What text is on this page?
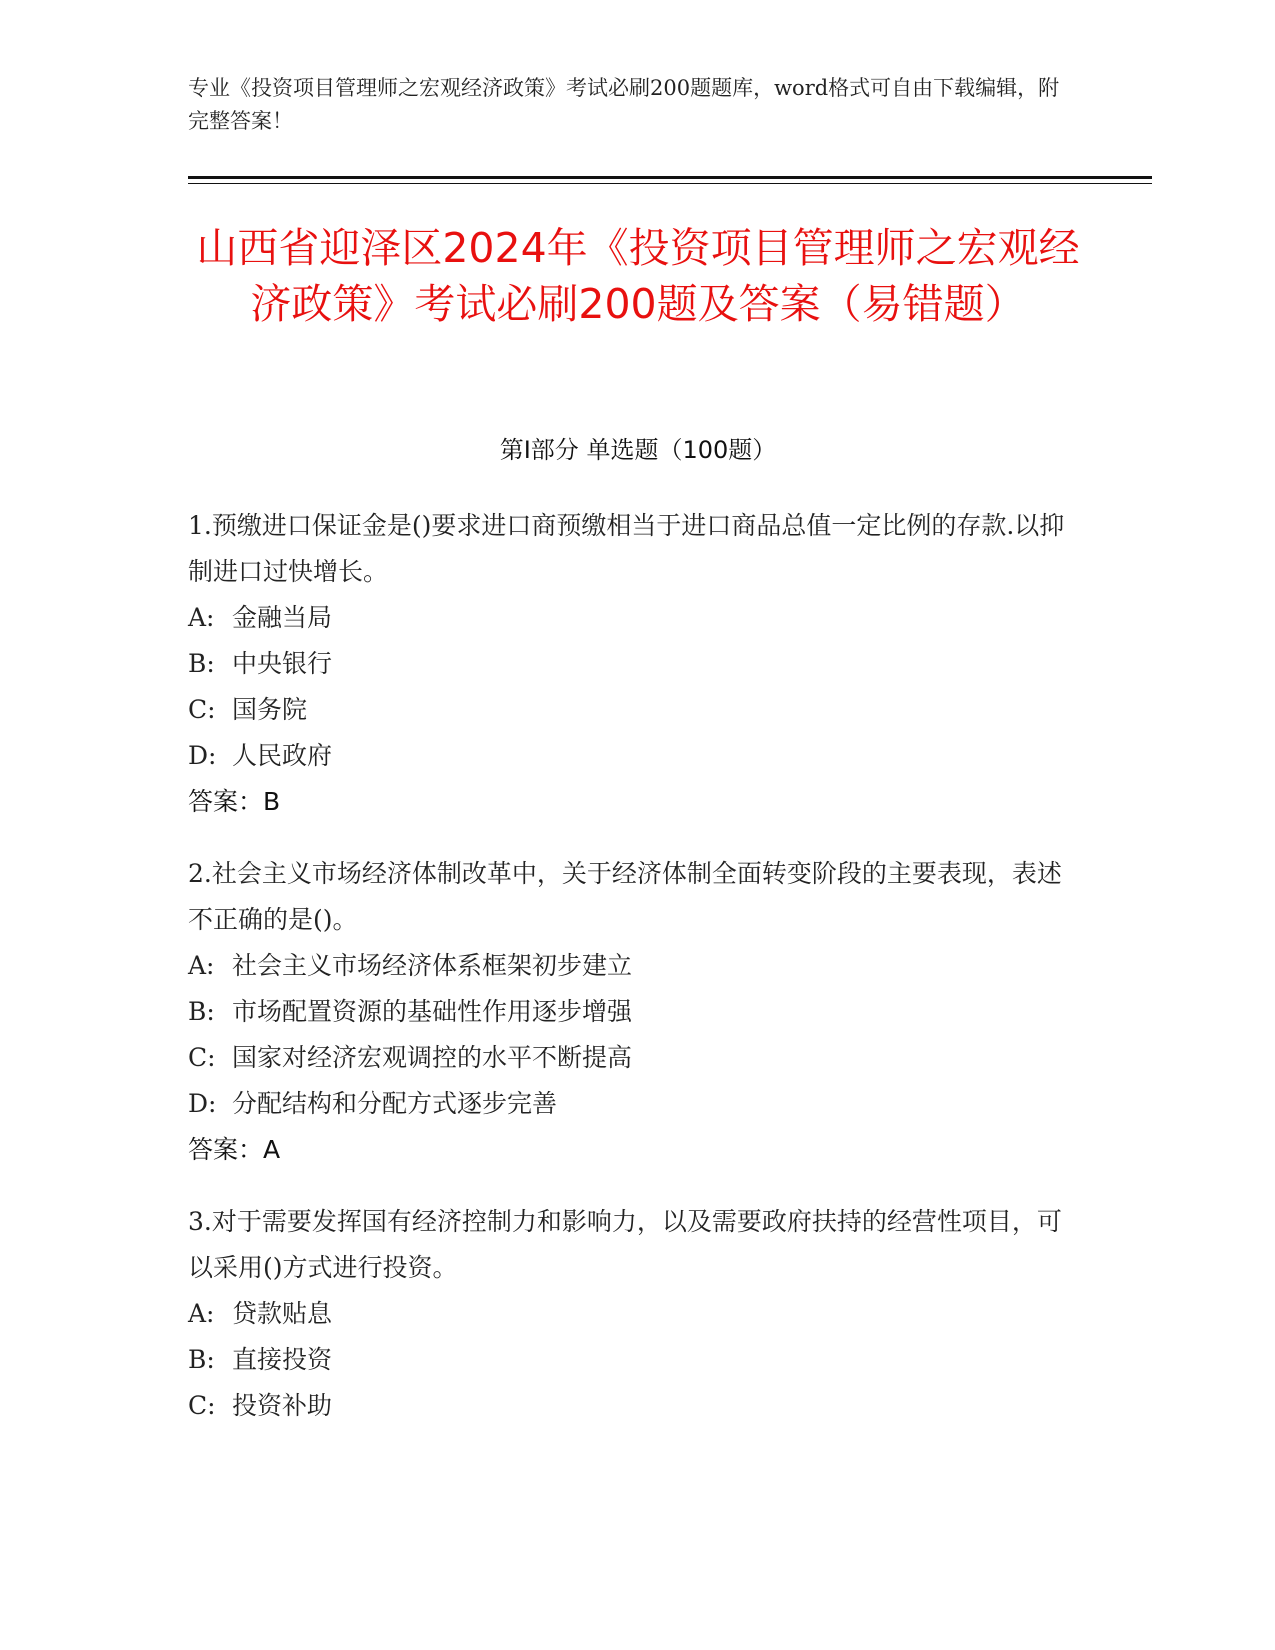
专业《投资项目管理师之宏观经济政策》考试必刷200题题库，word格式可自由下载编辑，附完整答案！
山西省迎泽区2024年《投资项目管理师之宏观经济政策》考试必刷200题及答案（易错题）
第Ⅰ部分 单选题（100题）

1.预缴进口保证金是()要求进口商预缴相当于进口商品总值一定比例的存款.以抑制进口过快增长。

A: 金融当局

B: 中央银行

C: 国务院

D: 人民政府

答案：B

2.社会主义市场经济体制改革中，关于经济体制全面转变阶段的主要表现，表述不正确的是()。

A: 社会主义市场经济体系框架初步建立

B: 市场配置资源的基础性作用逐步增强

C: 国家对经济宏观调控的水平不断提高

D: 分配结构和分配方式逐步完善

答案：A

3.对于需要发挥国有经济控制力和影响力，以及需要政府扶持的经营性项目，可以采用()方式进行投资。

A: 贷款贴息

B: 直接投资

C: 投资补助
